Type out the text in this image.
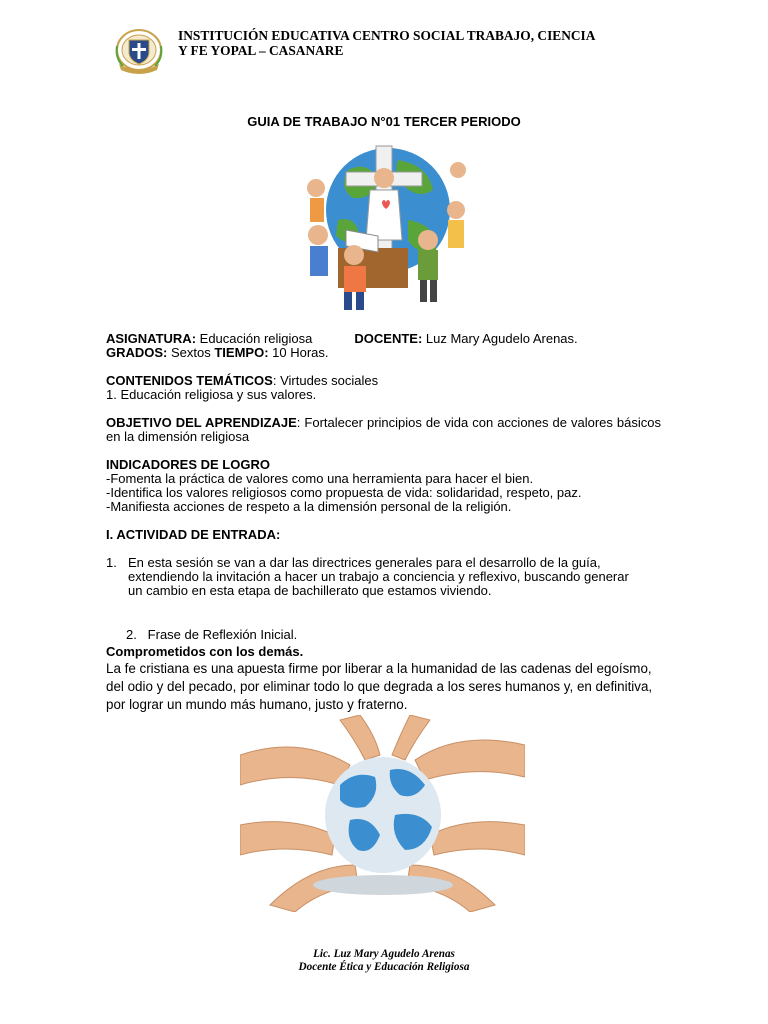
INSTITUCIÓN EDUCATIVA CENTRO SOCIAL TRABAJO, CIENCIA
Y FE YOPAL – CASANARE
GUIA DE TRABAJO N°01 TERCER PERIODO
ASIGNATURA: Educación religiosa	DOCENTE: Luz Mary Agudelo Arenas.
GRADOS: Sextos TIEMPO: 10 Horas.
CONTENIDOS TEMÁTICOS: Virtudes sociales
1. Educación religiosa y sus valores.
OBJETIVO DEL APRENDIZAJE: Fortalecer principios de vida con acciones de valores básicos en la dimensión religiosa
INDICADORES DE LOGRO
-Fomenta la práctica de valores como una herramienta para hacer el bien.
-Identifica los valores religiosos como propuesta de vida: solidaridad, respeto, paz.
-Manifiesta acciones de respeto a la dimensión personal de la religión.
I. ACTIVIDAD DE ENTRADA:
1. En esta sesión se van a dar las directrices generales para el desarrollo de la guía, extendiendo la invitación a hacer un trabajo a conciencia y reflexivo, buscando generar un cambio en esta etapa de bachillerato que estamos viviendo.
2.   Frase de Reflexión Inicial.
Comprometidos con los demás.
La fe cristiana es una apuesta firme por liberar a la humanidad de las cadenas del egoísmo, del odio y del pecado, por eliminar todo lo que degrada a los seres humanos y, en definitiva, por lograr un mundo más humano, justo y fraterno.
Lic. Luz Mary Agudelo Arenas
Docente Ética y Educación Religiosa
